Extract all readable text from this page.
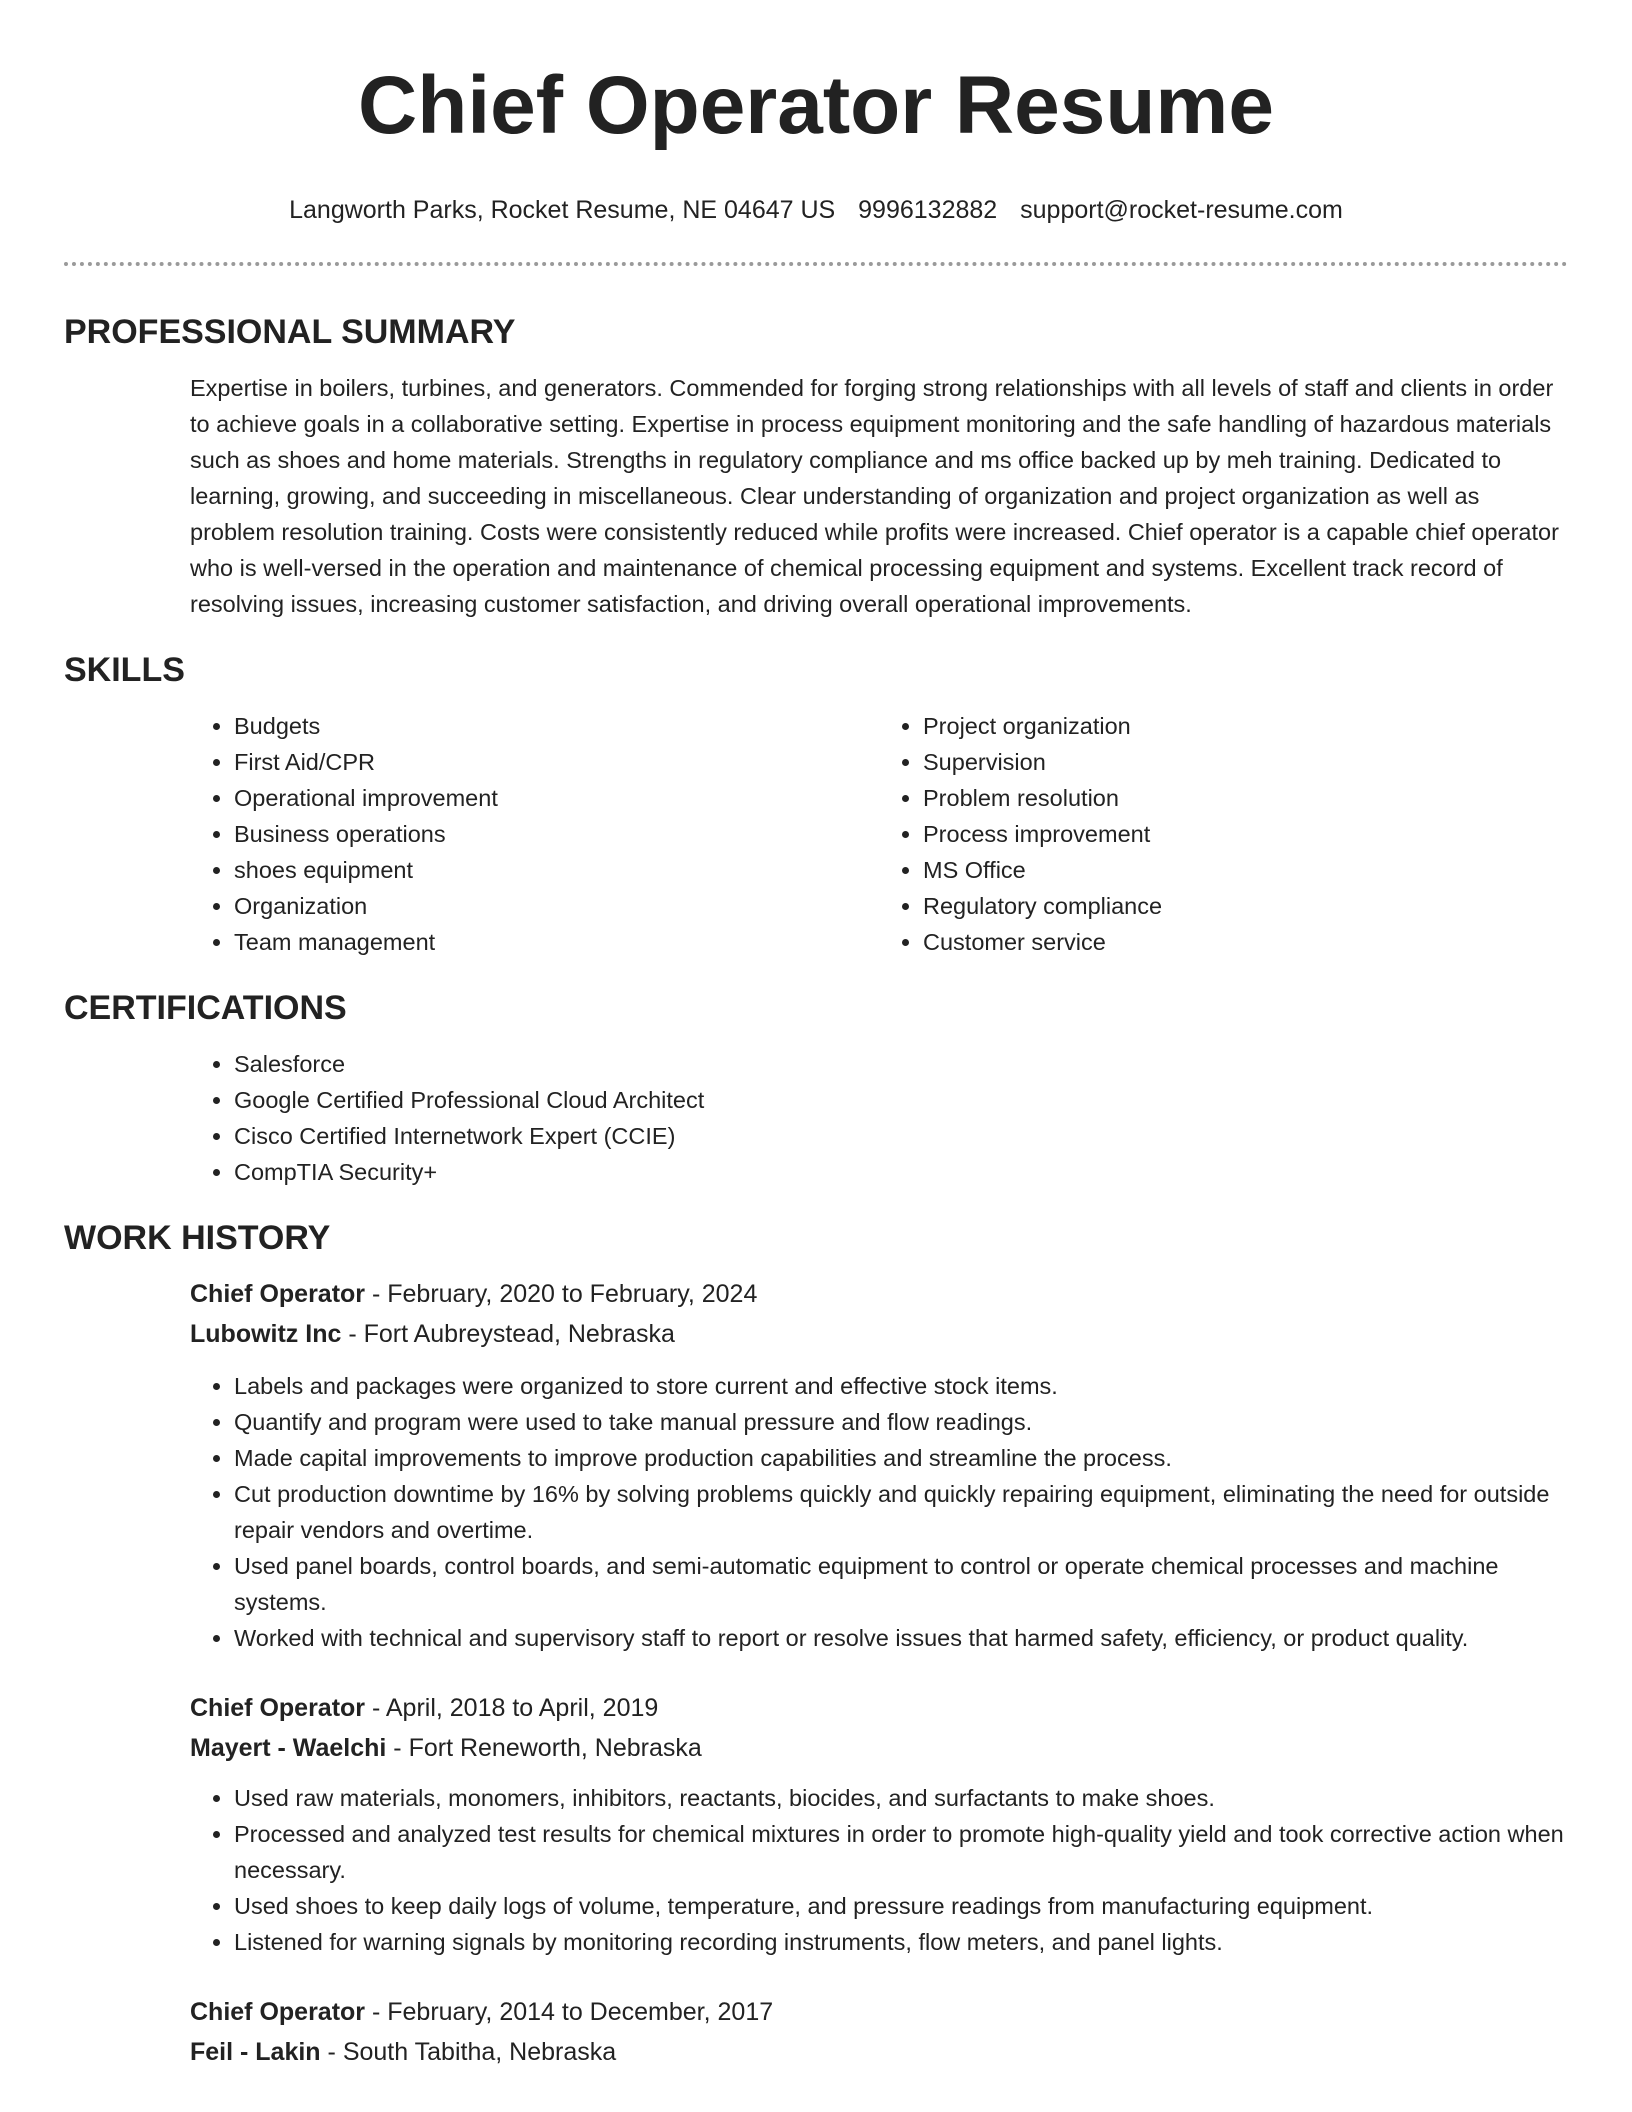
Chief Operator Resume
Langworth Parks, Rocket Resume, NE 04647 US 9996132882 support@rocket-resume.com
PROFESSIONAL SUMMARY

Expertise in boilers, turbines, and generators. Commended for forging strong relationships with all levels of staff and clients in order to achieve goals in a collaborative setting. Expertise in process equipment monitoring and the safe handling of hazardous materials such as shoes and home materials. Strengths in regulatory compliance and ms office backed up by meh training. Dedicated to learning, growing, and succeeding in miscellaneous. Clear understanding of organization and project organization as well as problem resolution training. Costs were consistently reduced while profits were increased. Chief operator is a capable chief operator who is well-versed in the operation and maintenance of chemical processing equipment and systems. Excellent track record of resolving issues, increasing customer satisfaction, and driving overall operational improvements.

SKILLS
• Budgets
• First Aid/CPR
• Operational improvement
• Business operations
• shoes equipment
• Organization
• Team management
• Project organization
• Supervision
• Problem resolution
• Process improvement
• MS Office
• Regulatory compliance
• Customer service
CERTIFICATIONS
• Salesforce
• Google Certified Professional Cloud Architect
• Cisco Certified Internetwork Expert (CCIE)
• CompTIA Security+
WORK HISTORY
Chief Operator - February, 2020 to February, 2024
Lubowitz Inc - Fort Aubreystead, Nebraska
• Labels and packages were organized to store current and effective stock items.
• Quantify and program were used to take manual pressure and flow readings.
• Made capital improvements to improve production capabilities and streamline the process.
• Cut production downtime by 16% by solving problems quickly and quickly repairing equipment, eliminating the need for outside repair vendors and overtime.
• Used panel boards, control boards, and semi-automatic equipment to control or operate chemical processes and machine systems.
• Worked with technical and supervisory staff to report or resolve issues that harmed safety, efficiency, or product quality.
Chief Operator - April, 2018 to April, 2019
Mayert - Waelchi - Fort Reneworth, Nebraska
• Used raw materials, monomers, inhibitors, reactants, biocides, and surfactants to make shoes.
• Processed and analyzed test results for chemical mixtures in order to promote high-quality yield and took corrective action when necessary.
• Used shoes to keep daily logs of volume, temperature, and pressure readings from manufacturing equipment.
• Listened for warning signals by monitoring recording instruments, flow meters, and panel lights.
Chief Operator - February, 2014 to December, 2017
Feil - Lakin - South Tabitha, Nebraska
